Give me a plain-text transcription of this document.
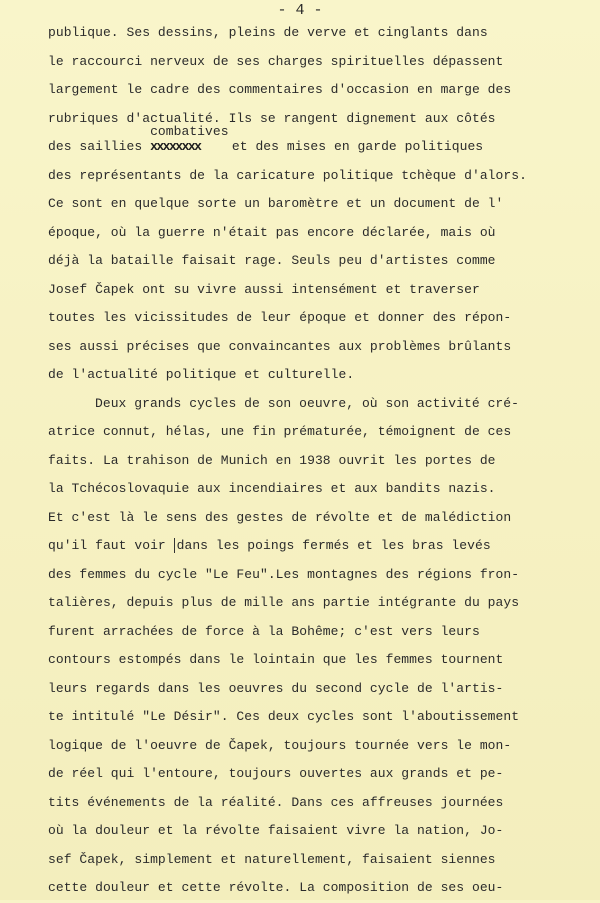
- 4 -
publique. Ses dessins, pleins de verve et cinglants dans
le raccourci nerveux de ses charges spirituelles dépassent
largement le cadre des commentaires d'occasion en marge des
rubriques d'actualité. Ils se rangent dignement aux côtés
des saillies
combatives
xxxxxxxx    et des mises en garde politiques
des représentants de la caricature politique tchèque d'alors.
Ce sont en quelque sorte un baromètre et un document de l'
époque, où la guerre n'était pas encore déclarée, mais où
déjà la bataille faisait rage. Seuls peu d'artistes comme
Josef Čapek ont su vivre aussi intensément et traverser
toutes les vicissitudes de leur époque et donner des répon-
ses aussi précises que convaincantes aux problèmes brûlants
de l'actualité politique et culturelle.
Deux grands cycles de son oeuvre, où son activité cré-
atrice connut, hélas, une fin prématurée, témoignent de ces
faits. La trahison de Munich en 1938 ouvrit les portes de
la Tchécoslovaquie aux incendiaires et aux bandits nazis.
Et c'est là le sens des gestes de révolte et de malédiction
qu'il faut voir dans les poings fermés et les bras levés
des femmes du cycle "Le Feu".Les montagnes des régions fron-
talières, depuis plus de mille ans partie intégrante du pays
furent arrachées de force à la Bohême; c'est vers leurs
contours estompés dans le lointain que les femmes tournent
leurs regards dans les oeuvres du second cycle de l'artis-
te intitulé "Le Désir". Ces deux cycles sont l'aboutissement
logique de l'oeuvre de Čapek, toujours tournée vers le mon-
de réel qui l'entoure, toujours ouvertes aux grands et pe-
tits événements de la réalité. Dans ces affreuses journées
où la douleur et la révolte faisaient vivre la nation, Jo-
sef Čapek, simplement et naturellement, faisaient siennes
cette douleur et cette révolte. La composition de ses oeu-
